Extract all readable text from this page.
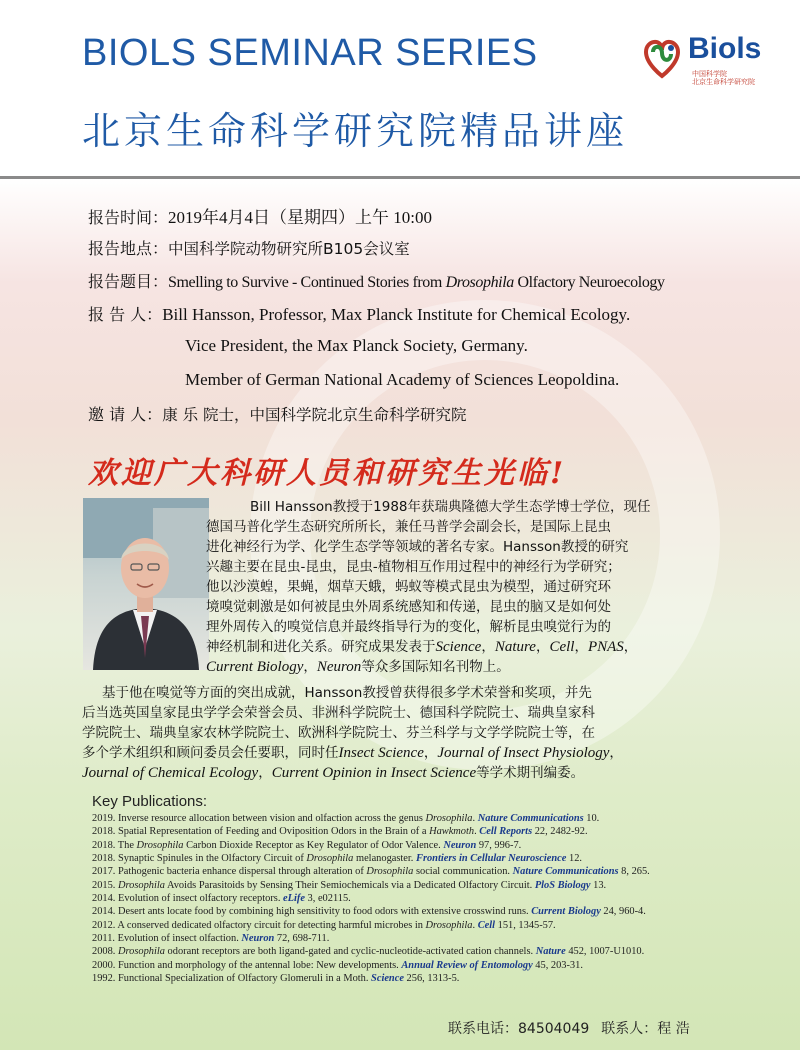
BIOLS SEMINAR SERIES
北京生命科学研究院精品讲座
Biols
中国科学院
北京生命科学研究院
报告时间：2019年4月4日（星期四）上午 10:00
报告地点：中国科学院动物研究所B105会议室
报告题目：Smelling to Survive - Continued Stories from Drosophila Olfactory Neuroecology
报 告 人：Bill Hansson, Professor, Max Planck Institute for Chemical Ecology.
Vice President, the Max Planck Society, Germany.
Member of German National Academy of Sciences Leopoldina.
邀 请 人：康 乐 院士，中国科学院北京生命科学研究院
欢迎广大科研人员和研究生光临!
Bill Hansson教授于1988年获瑞典隆德大学生态学博士学位，现任
德国马普化学生态研究所所长，兼任马普学会副会长，是国际上昆虫
进化神经行为学、化学生态学等领域的著名专家。Hansson教授的研究
兴趣主要在昆虫-昆虫，昆虫-植物相互作用过程中的神经行为学研究；
他以沙漠蝗，果蝇，烟草天蛾，蚂蚁等模式昆虫为模型，通过研究环
境嗅觉刺激是如何被昆虫外周系统感知和传递，昆虫的脑又是如何处
理外周传入的嗅觉信息并最终指导行为的变化，解析昆虫嗅觉行为的
神经机制和进化关系。研究成果发表于Science，Nature，Cell，PNAS，
Current Biology，Neuron等众多国际知名刊物上。
基于他在嗅觉等方面的突出成就，Hansson教授曾获得很多学术荣誉和奖项，并先
后当选英国皇家昆虫学学会荣誉会员、非洲科学院院士、德国科学院院士、瑞典皇家科
学院院士、瑞典皇家农林学院院士、欧洲科学院院士、芬兰科学与文学学院院士等，在
多个学术组织和顾问委员会任要职，同时任Insect Science，Journal of Insect Physiology，
Journal of Chemical Ecology，Current Opinion in Insect Science等学术期刊编委。
Key Publications:
2019. Inverse resource allocation between vision and olfaction across the genus Drosophila. Nature Communications 10.
2018. Spatial Representation of Feeding and Oviposition Odors in the Brain of a Hawkmoth. Cell Reports 22, 2482-92.
2018. The Drosophila Carbon Dioxide Receptor as Key Regulator of Odor Valence. Neuron 97, 996-7.
2018. Synaptic Spinules in the Olfactory Circuit of Drosophila melanogaster. Frontiers in Cellular Neuroscience 12.
2017. Pathogenic bacteria enhance dispersal through alteration of Drosophila social communication. Nature Communications 8, 265.
2015. Drosophila Avoids Parasitoids by Sensing Their Semiochemicals via a Dedicated Olfactory Circuit. PloS Biology 13.
2014. Evolution of insect olfactory receptors. eLife 3, e02115.
2014. Desert ants locate food by combining high sensitivity to food odors with extensive crosswind runs. Current Biology 24, 960-4.
2012. A conserved dedicated olfactory circuit for detecting harmful microbes in Drosophila. Cell 151, 1345-57.
2011. Evolution of insect olfaction. Neuron 72, 698-711.
2008. Drosophila odorant receptors are both ligand-gated and cyclic-nucleotide-activated cation channels. Nature 452, 1007-U1010.
2000. Function and morphology of the antennal lobe: New developments. Annual Review of Entomology 45, 203-31.
1992. Functional Specialization of Olfactory Glomeruli in a Moth. Science 256, 1313-5.
联系电话：84504049 联系人：程 浩
